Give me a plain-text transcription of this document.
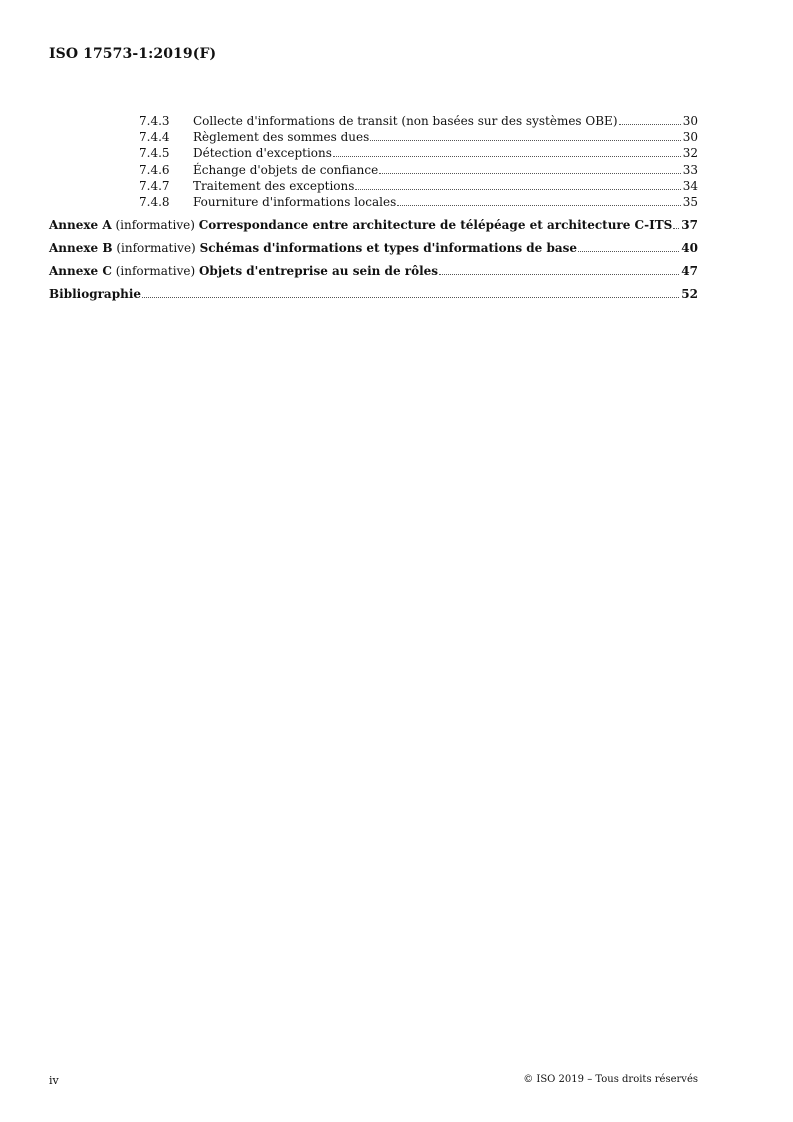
ISO 17573-1:2019(F)
7.4.3	Collecte d'informations de transit (non basées sur des systèmes OBE)	30
7.4.4	Règlement des sommes dues	30
7.4.5	Détection d'exceptions	32
7.4.6	Échange d'objets de confiance	33
7.4.7	Traitement des exceptions	34
7.4.8	Fourniture d'informations locales	35
Annexe A (informative) Correspondance entre architecture de télépéage et architecture C-ITS 37
Annexe B (informative) Schémas d'informations et types d'informations de base	40
Annexe C (informative) Objets d'entreprise au sein de rôles	47
Bibliographie	52
iv	© ISO 2019 – Tous droits réservés
